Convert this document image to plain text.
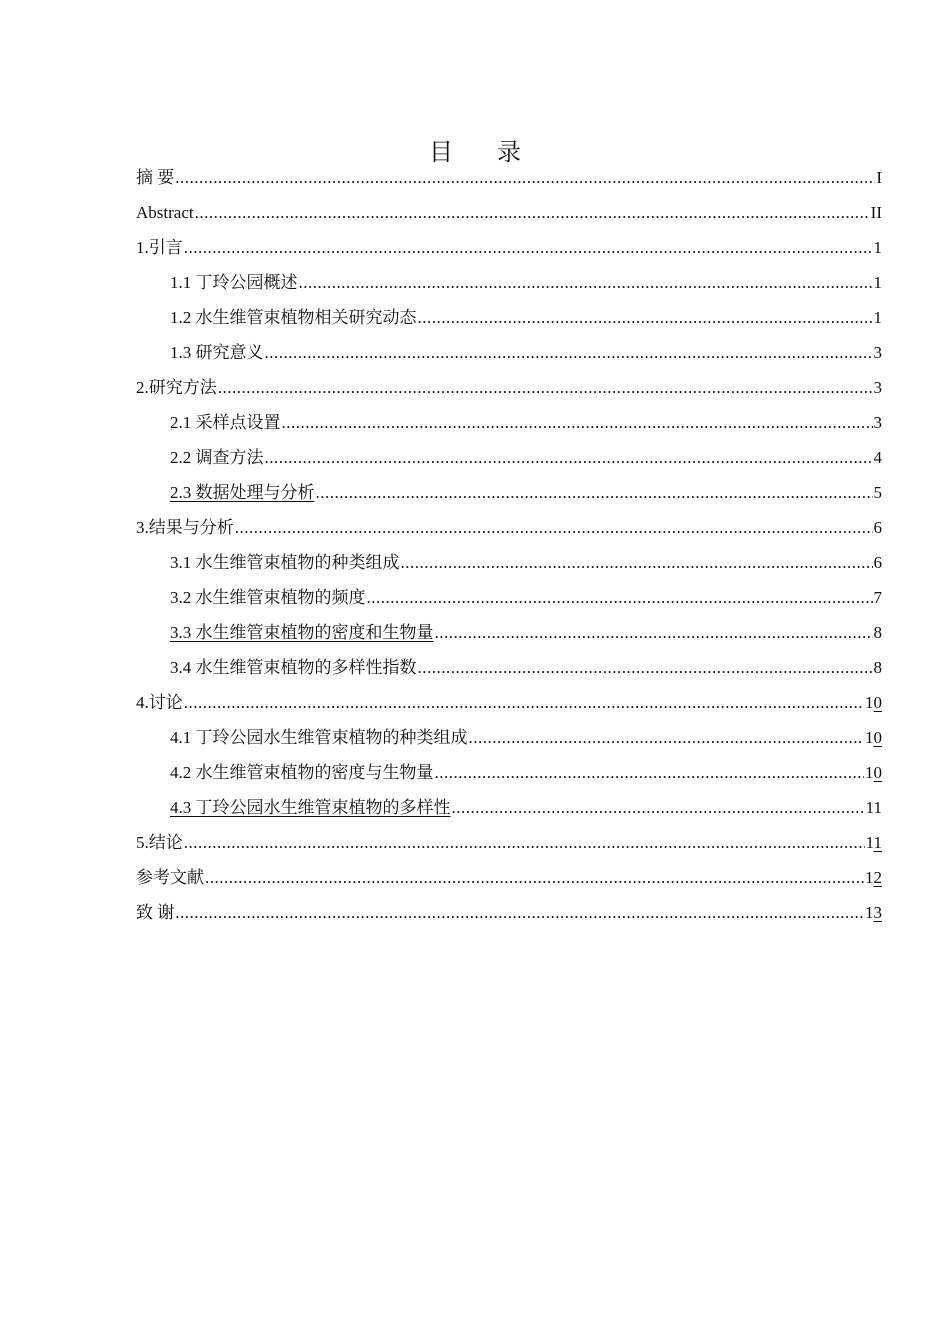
目 录
摘 要 .....	I
Abstract .....	II
1.引言 .....	1
1.1 丁玲公园概述 .....	1
1.2 水生维管束植物相关研究动态 .....	1
1.3 研究意义 .....	3
2.研究方法 .....	3
2.1 采样点设置 .....	3
2.2 调查方法 .....	4
2.3 数据处理与分析 .....	5
3.结果与分析 .....	6
3.1 水生维管束植物的种类组成 .....	6
3.2 水生维管束植物的频度 .....	7
3.3 水生维管束植物的密度和生物量 .....	8
3.4 水生维管束植物的多样性指数 .....	8
4.讨论 .....	10
4.1 丁玲公园水生维管束植物的种类组成 .....	10
4.2 水生维管束植物的密度与生物量 .....	10
4.3 丁玲公园水生维管束植物的多样性 .....	11
5.结论 .....	11
参考文献 .....	12
致 谢 .....	13
